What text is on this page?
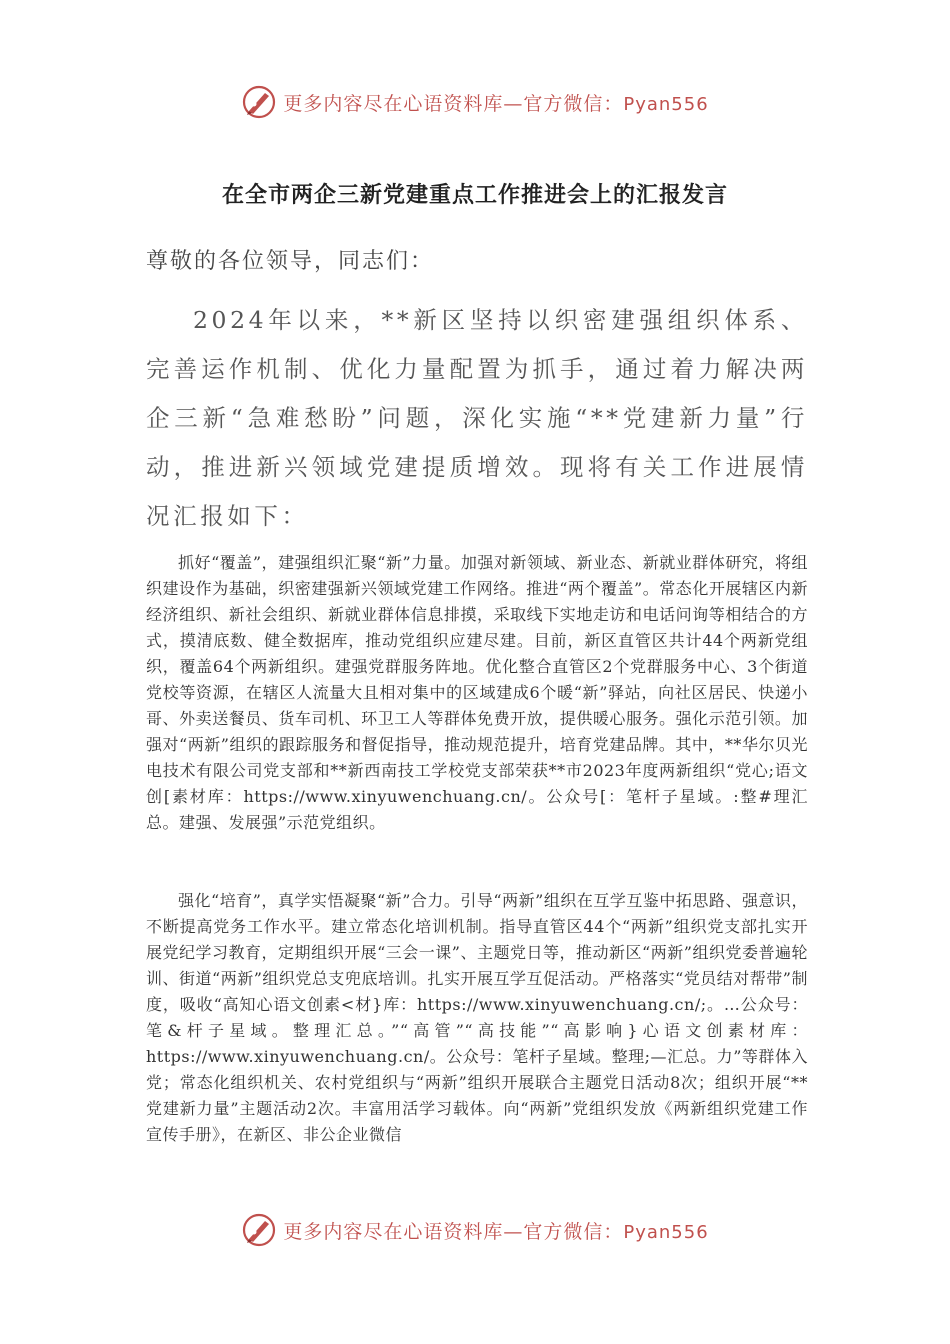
更多内容尽在心语资料库—官方微信：Pyan556
在全市两企三新党建重点工作推进会上的汇报发言
尊敬的各位领导，同志们：
2024年以来，**新区坚持以织密建强组织体系、完善运作机制、优化力量配置为抓手，通过着力解决两企三新“急难愁盼”问题，深化实施“**党建新力量”行动，推进新兴领域党建提质增效。现将有关工作进展情况汇报如下：
抓好“覆盖”，建强组织汇聚“新”力量。加强对新领域、新业态、新就业群体研究，将组织建设作为基础，织密建强新兴领域党建工作网络。推进“两个覆盖”。常态化开展辖区内新经济组织、新社会组织、新就业群体信息排摸，采取线下实地走访和电话问询等相结合的方式，摸清底数、健全数据库，推动党组织应建尽建。目前，新区直管区共计44个两新党组织，覆盖64个两新组织。建强党群服务阵地。优化整合直管区2个党群服务中心、3个街道党校等资源，在辖区人流量大且相对集中的区域建成6个暖“新”驿站，向社区居民、快递小哥、外卖送餐员、货车司机、环卫工人等群体免费开放，提供暖心服务。强化示范引领。加强对“两新”组织的跟踪服务和督促指导，推动规范提升，培育党建品牌。其中，**华尔贝光电技术有限公司党支部和**新西南技工学校党支部荣获**市2023年度两新组织“党心;语文创[素材库：https://www.xinyuwenchuang.cn/。公众号[：笔杆子星域。:整#理汇总。建强、发展强”示范党组织。
强化“培育”，真学实悟凝聚“新”合力。引导“两新”组织在互学互鉴中拓思路、强意识，不断提高党务工作水平。建立常态化培训机制。指导直管区44个“两新”组织党支部扎实开展党纪学习教育，定期组织开展“三会一课”、主题党日等，推动新区“两新”组织党委普遍轮训、街道“两新”组织党总支兜底培训。扎实开展互学互促活动。严格落实“党员结对帮带”制度，吸收“高知心语文创素<材}库：https://www.xinyuwenchuang.cn/;。…公众号：笔&杆子星域。整理汇总。”“高管”“高技能”“高影响}心语文创素材库：https://www.xinyuwenchuang.cn/。公众号：笔杆子星域。整理;—汇总。力”等群体入党；常态化组织机关、农村党组织与“两新”组织开展联合主题党日活动8次；组织开展“**党建新力量”主题活动2次。丰富用活学习载体。向“两新”党组织发放《两新组织党建工作宣传手册》，在新区、非公企业微信
更多内容尽在心语资料库—官方微信：Pyan556
